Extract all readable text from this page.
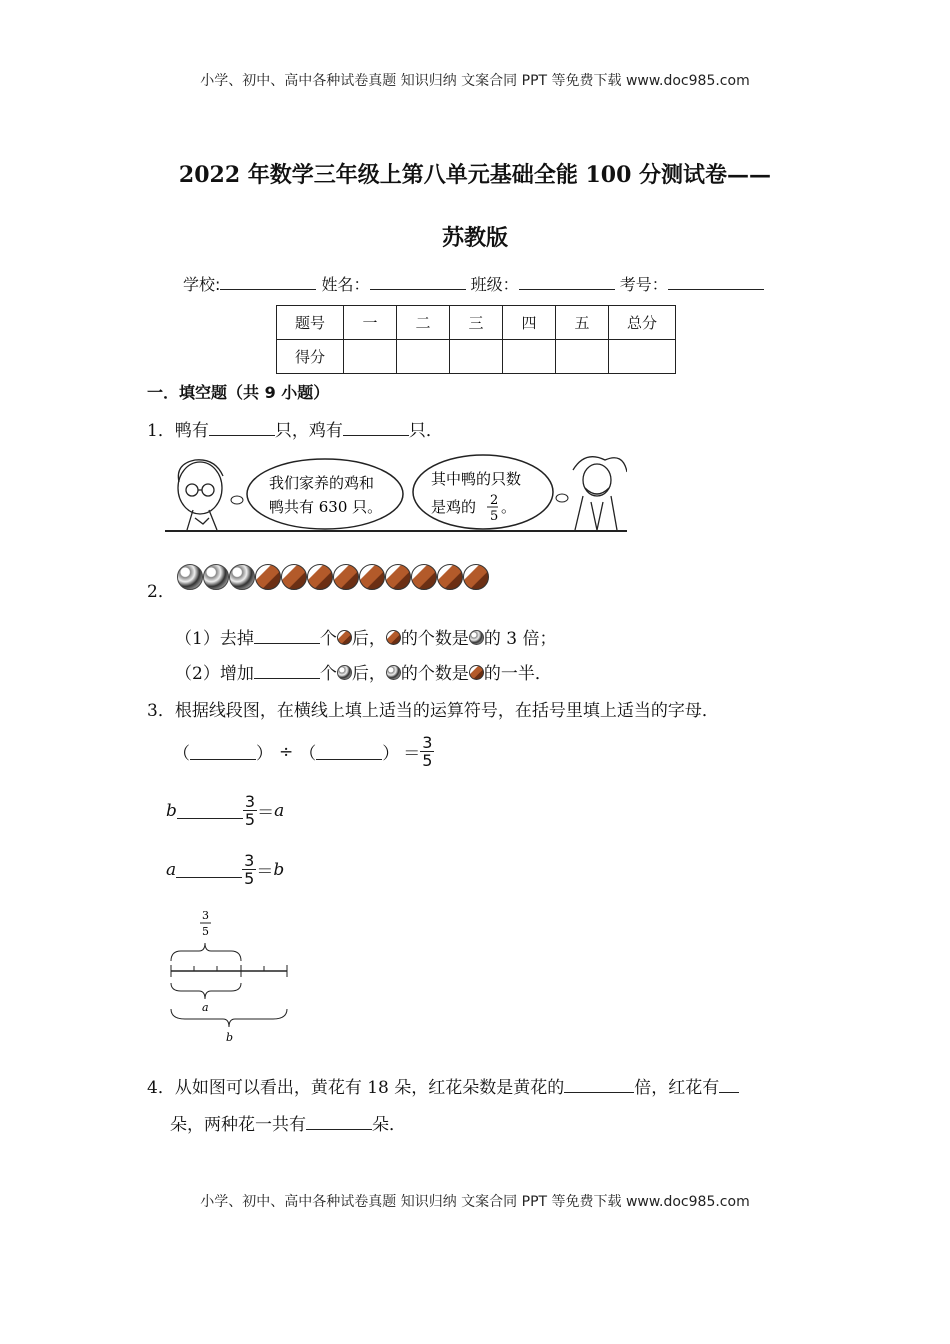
小学、初中、高中各种试卷真题 知识归纳 文案合同 PPT 等免费下载 www.doc985.com
2022 年数学三年级上第八单元基础全能 100 分测试卷——
苏教版
学校:	姓名：	班级：	考号：
题号	一	二	三	四	五	总分
得分						
一．填空题（共 9 小题）
1．鸭有	只，鸡有	只．
我们家养的鸡和
鸭共有 630 只。
其中鸭的只数
是鸡的 2
5
。
2．
（1）去掉	个 后， 的个数是 的 3 倍；
（2）增加	个 后， 的个数是 的一半．
3．根据线段图，在横线上填上适当的运算符号，在括号里填上适当的字母．
（	） ÷ （	） ＝ $\frac{3}{5}$
b	$\frac{3}{5} = a$
a	$\frac{3}{5} = b$
3
5
a
b
4．从如图可以看出，黄花有 18 朵，红花朵数是黄花的	倍，红花有
朵，两种花一共有	朵．
小学、初中、高中各种试卷真题 知识归纳 文案合同 PPT 等免费下载 www.doc985.com
